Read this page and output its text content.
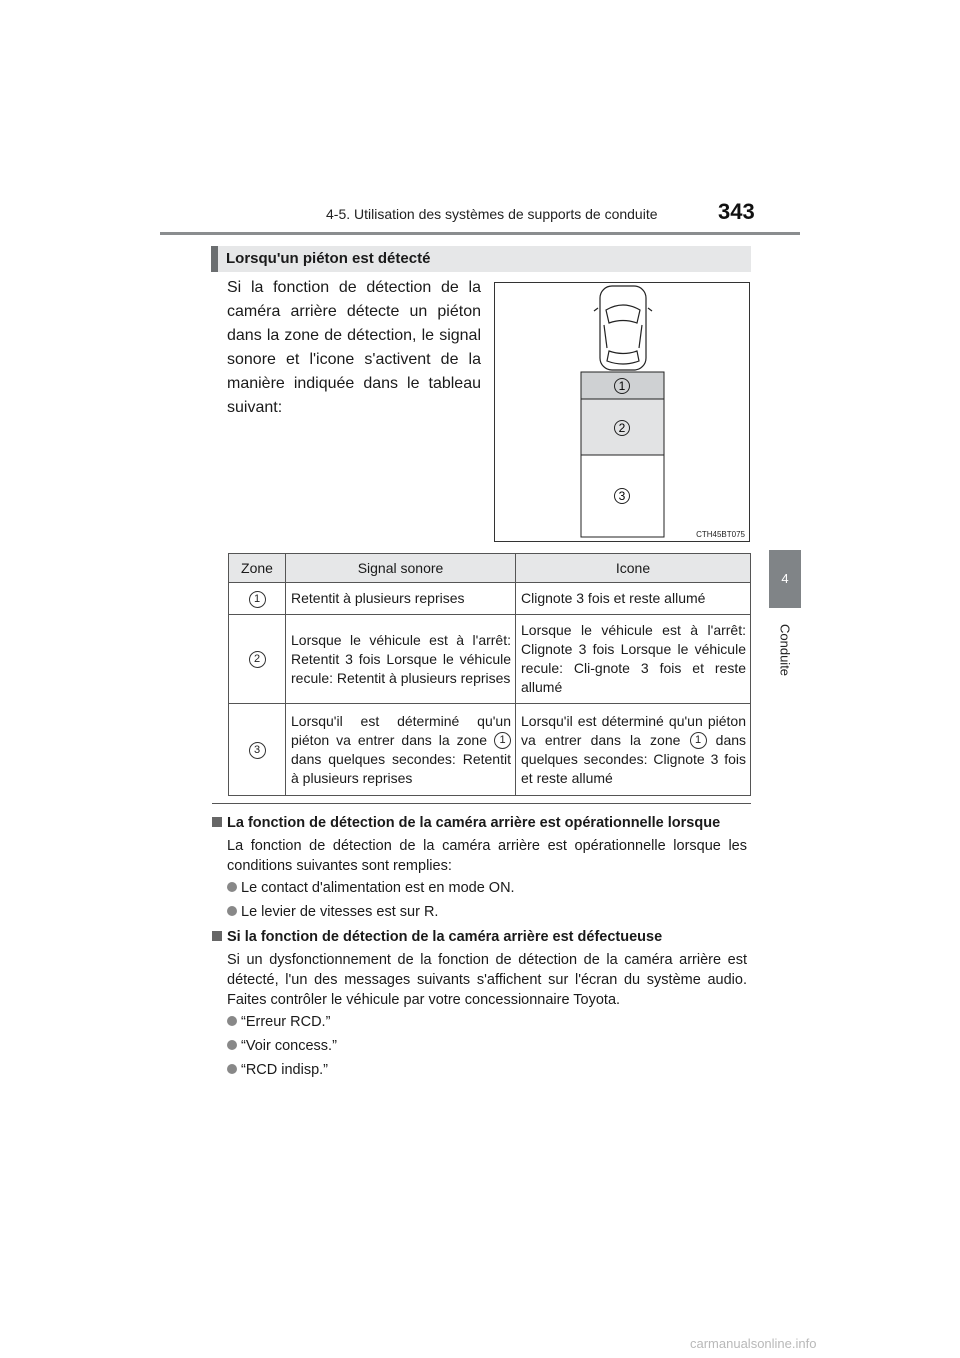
4-5. Utilisation des systèmes de supports de conduite	343
4
Conduite
Lorsqu'un piéton est détecté
Si la fonction de détection de la caméra arrière détecte un piéton dans la zone de détection, le signal sonore et l'icone s'activent de la manière indiquée dans le tableau suivant:
1
2
3
CTH45BT075
Zone	Signal sonore	Icone
1	Retentit à plusieurs reprises	Clignote 3 fois et reste allumé
2	Lorsque le véhicule est à l'arrêt: Retentit 3 fois Lorsque le véhicule recule: Retentit à plusieurs reprises	Lorsque le véhicule est à l'arrêt: Clignote 3 fois Lorsque le véhicule recule: Cli-gnote 3 fois et reste allumé
3	Lorsqu'il est déterminé qu'un piéton va entrer dans la zone 1 dans quelques secondes: Retentit à plusieurs reprises	Lorsqu'il est déterminé qu'un piéton va entrer dans la zone 1 dans quelques secondes: Clignote 3 fois et reste allumé
La fonction de détection de la caméra arrière est opérationnelle lorsque
La fonction de détection de la caméra arrière est opérationnelle lorsque les conditions suivantes sont remplies:
Le contact d'alimentation est en mode ON.
Le levier de vitesses est sur R.
Si la fonction de détection de la caméra arrière est défectueuse
Si un dysfonctionnement de la fonction de détection de la caméra arrière est détecté, l'un des messages suivants s'affichent sur l'écran du système audio. Faites contrôler le véhicule par votre concessionnaire Toyota.
“Erreur RCD.”
“Voir concess.”
“RCD indisp.”
carmanualsonline.info
